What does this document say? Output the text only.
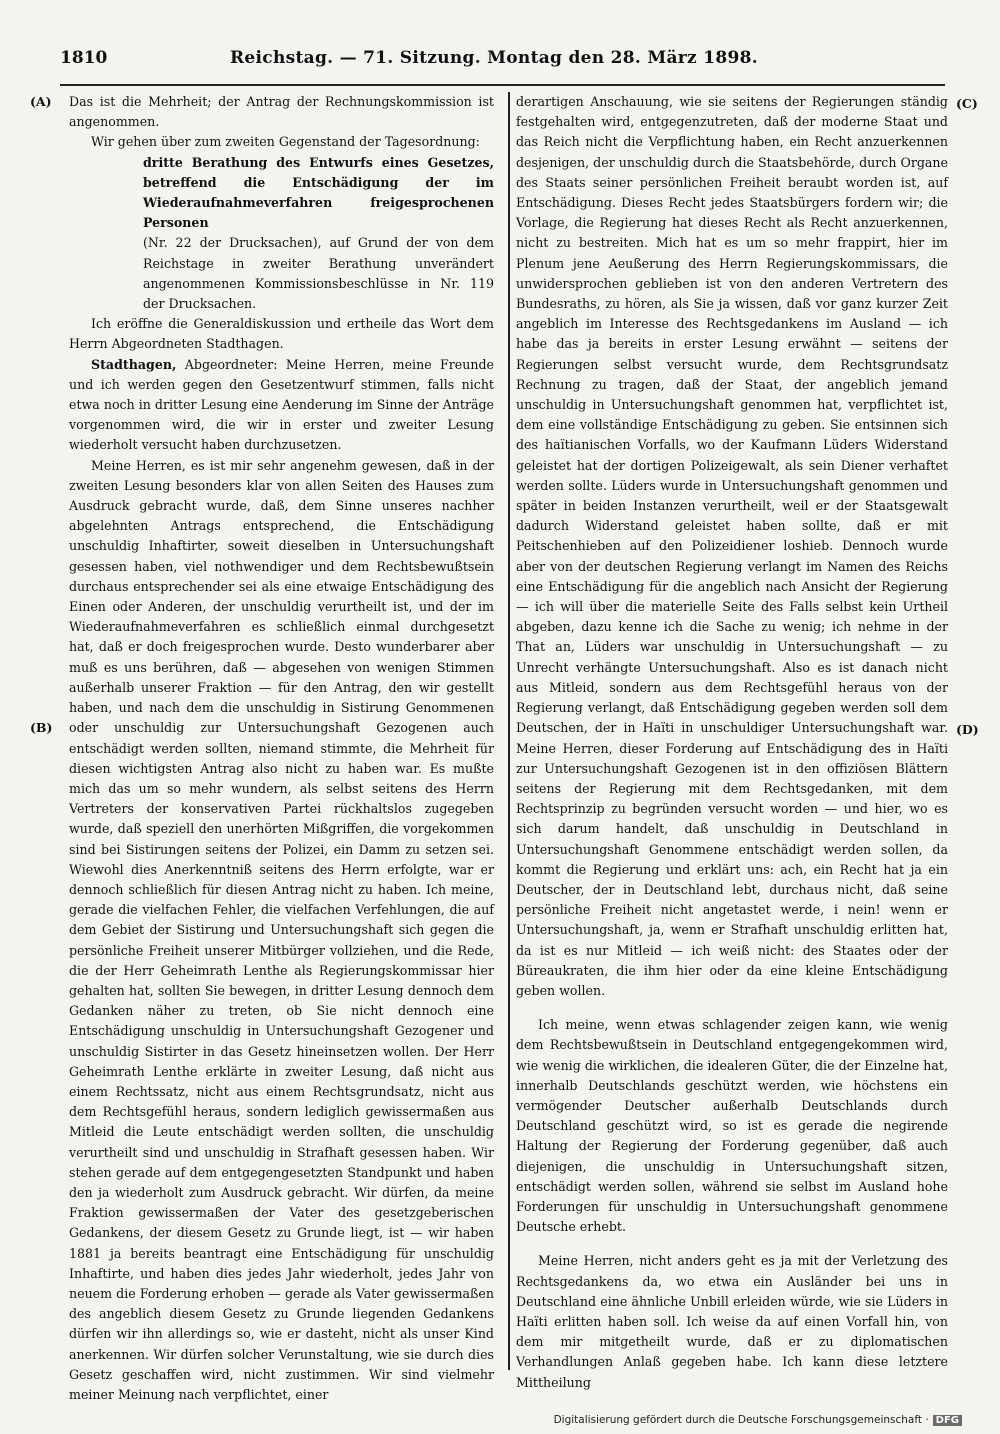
1810	Reichstag. — 71. Sitzung. Montag den 28. März 1898.
(A)
(B)
(C)
(D)

Das ist die Mehrheit; der Antrag der Rechnungskommission ist angenommen.

Wir gehen über zum zweiten Gegenstand der Tagesordnung:

dritte Berathung des Entwurfs eines Gesetzes, betreffend die Entschädigung der im Wiederaufnahmeverfahren freigesprochenen Personen

(Nr. 22 der Drucksachen), auf Grund der von dem Reichstage in zweiter Berathung unverändert angenommenen Kommissionsbeschlüsse in Nr. 119 der Drucksachen.

Ich eröffne die Generaldiskussion und ertheile das Wort dem Herrn Abgeordneten Stadthagen.

Stadthagen, Abgeordneter: Meine Herren, meine Freunde und ich werden gegen den Gesetzentwurf stimmen, falls nicht etwa noch in dritter Lesung eine Aenderung im Sinne der Anträge vorgenommen wird, die wir in erster und zweiter Lesung wiederholt versucht haben durchzusetzen.

Meine Herren, es ist mir sehr angenehm gewesen, daß in der zweiten Lesung besonders klar von allen Seiten des Hauses zum Ausdruck gebracht wurde, daß, dem Sinne unseres nachher abgelehnten Antrags entsprechend, die Entschädigung unschuldig Inhaftirter, soweit dieselben in Untersuchungshaft gesessen haben, viel nothwendiger und dem Rechtsbewußtsein durchaus entsprechender sei als eine etwaige Entschädigung des Einen oder Anderen, der unschuldig verurtheilt ist, und der im Wiederaufnahmeverfahren es schließlich einmal durchgesetzt hat, daß er doch freigesprochen wurde. Desto wunderbarer aber muß es uns berühren, daß — abgesehen von wenigen Stimmen außerhalb unserer Fraktion — für den Antrag, den wir gestellt haben, und nach dem die unschuldig in Sistirung Genommenen oder unschuldig zur Untersuchungshaft Gezogenen auch entschädigt werden sollten, niemand stimmte, die Mehrheit für diesen wichtigsten Antrag also nicht zu haben war. Es mußte mich das um so mehr wundern, als selbst seitens des Herrn Vertreters der konservativen Partei rückhaltslos zugegeben wurde, daß speziell den unerhörten Mißgriffen, die vorgekommen sind bei Sistirungen seitens der Polizei, ein Damm zu setzen sei. Wiewohl dies Anerkenntniß seitens des Herrn erfolgte, war er dennoch schließlich für diesen Antrag nicht zu haben. Ich meine, gerade die vielfachen Fehler, die vielfachen Verfehlungen, die auf dem Gebiet der Sistirung und Untersuchungshaft sich gegen die persönliche Freiheit unserer Mitbürger vollziehen, und die Rede, die der Herr Geheimrath Lenthe als Regierungskommissar hier gehalten hat, sollten Sie bewegen, in dritter Lesung dennoch dem Gedanken näher zu treten, ob Sie nicht dennoch eine Entschädigung unschuldig in Untersuchungshaft Gezogener und unschuldig Sistirter in das Gesetz hineinsetzen wollen. Der Herr Geheimrath Lenthe erklärte in zweiter Lesung, daß nicht aus einem Rechtssatz, nicht aus einem Rechtsgrundsatz, nicht aus dem Rechtsgefühl heraus, sondern lediglich gewissermaßen aus Mitleid die Leute entschädigt werden sollten, die unschuldig verurtheilt sind und unschuldig in Strafhaft gesessen haben. Wir stehen gerade auf dem entgegengesetzten Standpunkt und haben den ja wiederholt zum Ausdruck gebracht. Wir dürfen, da meine Fraktion gewissermaßen der Vater des gesetzgeberischen Gedankens, der diesem Gesetz zu Grunde liegt, ist — wir haben 1881 ja bereits beantragt eine Entschädigung für unschuldig Inhaftirte, und haben dies jedes Jahr wiederholt, jedes Jahr von neuem die Forderung erhoben — gerade als Vater gewissermaßen des angeblich diesem Gesetz zu Grunde liegenden Gedankens dürfen wir ihn allerdings so, wie er dasteht, nicht als unser Kind anerkennen. Wir dürfen solcher Verunstaltung, wie sie durch dies Gesetz geschaffen wird, nicht zustimmen. Wir sind vielmehr meiner Meinung nach verpflichtet, einer

derartigen Anschauung, wie sie seitens der Regierungen ständig festgehalten wird, entgegenzutreten, daß der moderne Staat und das Reich nicht die Verpflichtung haben, ein Recht anzuerkennen desjenigen, der unschuldig durch die Staatsbehörde, durch Organe des Staats seiner persönlichen Freiheit beraubt worden ist, auf Entschädigung. Dieses Recht jedes Staatsbürgers fordern wir; die Vorlage, die Regierung hat dieses Recht als Recht anzuerkennen, nicht zu bestreiten. Mich hat es um so mehr frappirt, hier im Plenum jene Aeußerung des Herrn Regierungskommissars, die unwidersprochen geblieben ist von den anderen Vertretern des Bundesraths, zu hören, als Sie ja wissen, daß vor ganz kurzer Zeit angeblich im Interesse des Rechtsgedankens im Ausland — ich habe das ja bereits in erster Lesung erwähnt — seitens der Regierungen selbst versucht wurde, dem Rechtsgrundsatz Rechnung zu tragen, daß der Staat, der angeblich jemand unschuldig in Untersuchungshaft genommen hat, verpflichtet ist, dem eine vollständige Entschädigung zu geben. Sie entsinnen sich des haïtianischen Vorfalls, wo der Kaufmann Lüders Widerstand geleistet hat der dortigen Polizeigewalt, als sein Diener verhaftet werden sollte. Lüders wurde in Untersuchungshaft genommen und später in beiden Instanzen verurtheilt, weil er der Staatsgewalt dadurch Widerstand geleistet haben sollte, daß er mit Peitschenhieben auf den Polizeidiener loshieb. Dennoch wurde aber von der deutschen Regierung verlangt im Namen des Reichs eine Entschädigung für die angeblich nach Ansicht der Regierung — ich will über die materielle Seite des Falls selbst kein Urtheil abgeben, dazu kenne ich die Sache zu wenig; ich nehme in der That an, Lüders war unschuldig in Untersuchungshaft — zu Unrecht verhängte Untersuchungshaft. Also es ist danach nicht aus Mitleid, sondern aus dem Rechtsgefühl heraus von der Regierung verlangt, daß Entschädigung gegeben werden soll dem Deutschen, der in Haïti in unschuldiger Untersuchungshaft war. Meine Herren, dieser Forderung auf Entschädigung des in Haïti zur Untersuchungshaft Gezogenen ist in den offiziösen Blättern seitens der Regierung mit dem Rechtsgedanken, mit dem Rechtsprinzip zu begründen versucht worden — und hier, wo es sich darum handelt, daß unschuldig in Deutschland in Untersuchungshaft Genommene entschädigt werden sollen, da kommt die Regierung und erklärt uns: ach, ein Recht hat ja ein Deutscher, der in Deutschland lebt, durchaus nicht, daß seine persönliche Freiheit nicht angetastet werde, i nein! wenn er Untersuchungshaft, ja, wenn er Strafhaft unschuldig erlitten hat, da ist es nur Mitleid — ich weiß nicht: des Staates oder der Büreaukraten, die ihm hier oder da eine kleine Entschädigung geben wollen.

Ich meine, wenn etwas schlagender zeigen kann, wie wenig dem Rechtsbewußtsein in Deutschland entgegengekommen wird, wie wenig die wirklichen, die idealeren Güter, die der Einzelne hat, innerhalb Deutschlands geschützt werden, wie höchstens ein vermögender Deutscher außerhalb Deutschlands durch Deutschland geschützt wird, so ist es gerade die negirende Haltung der Regierung der Forderung gegenüber, daß auch diejenigen, die unschuldig in Untersuchungshaft sitzen, entschädigt werden sollen, während sie selbst im Ausland hohe Forderungen für unschuldig in Untersuchungshaft genommene Deutsche erhebt.

Meine Herren, nicht anders geht es ja mit der Verletzung des Rechtsgedankens da, wo etwa ein Ausländer bei uns in Deutschland eine ähnliche Unbill erleiden würde, wie sie Lüders in Haïti erlitten haben soll. Ich weise da auf einen Vorfall hin, von dem mir mitgetheilt wurde, daß er zu diplomatischen Verhandlungen Anlaß gegeben habe. Ich kann diese letztere Mittheilung

Digitalisierung gefördert durch die Deutsche Forschungsgemeinschaft · DFG
